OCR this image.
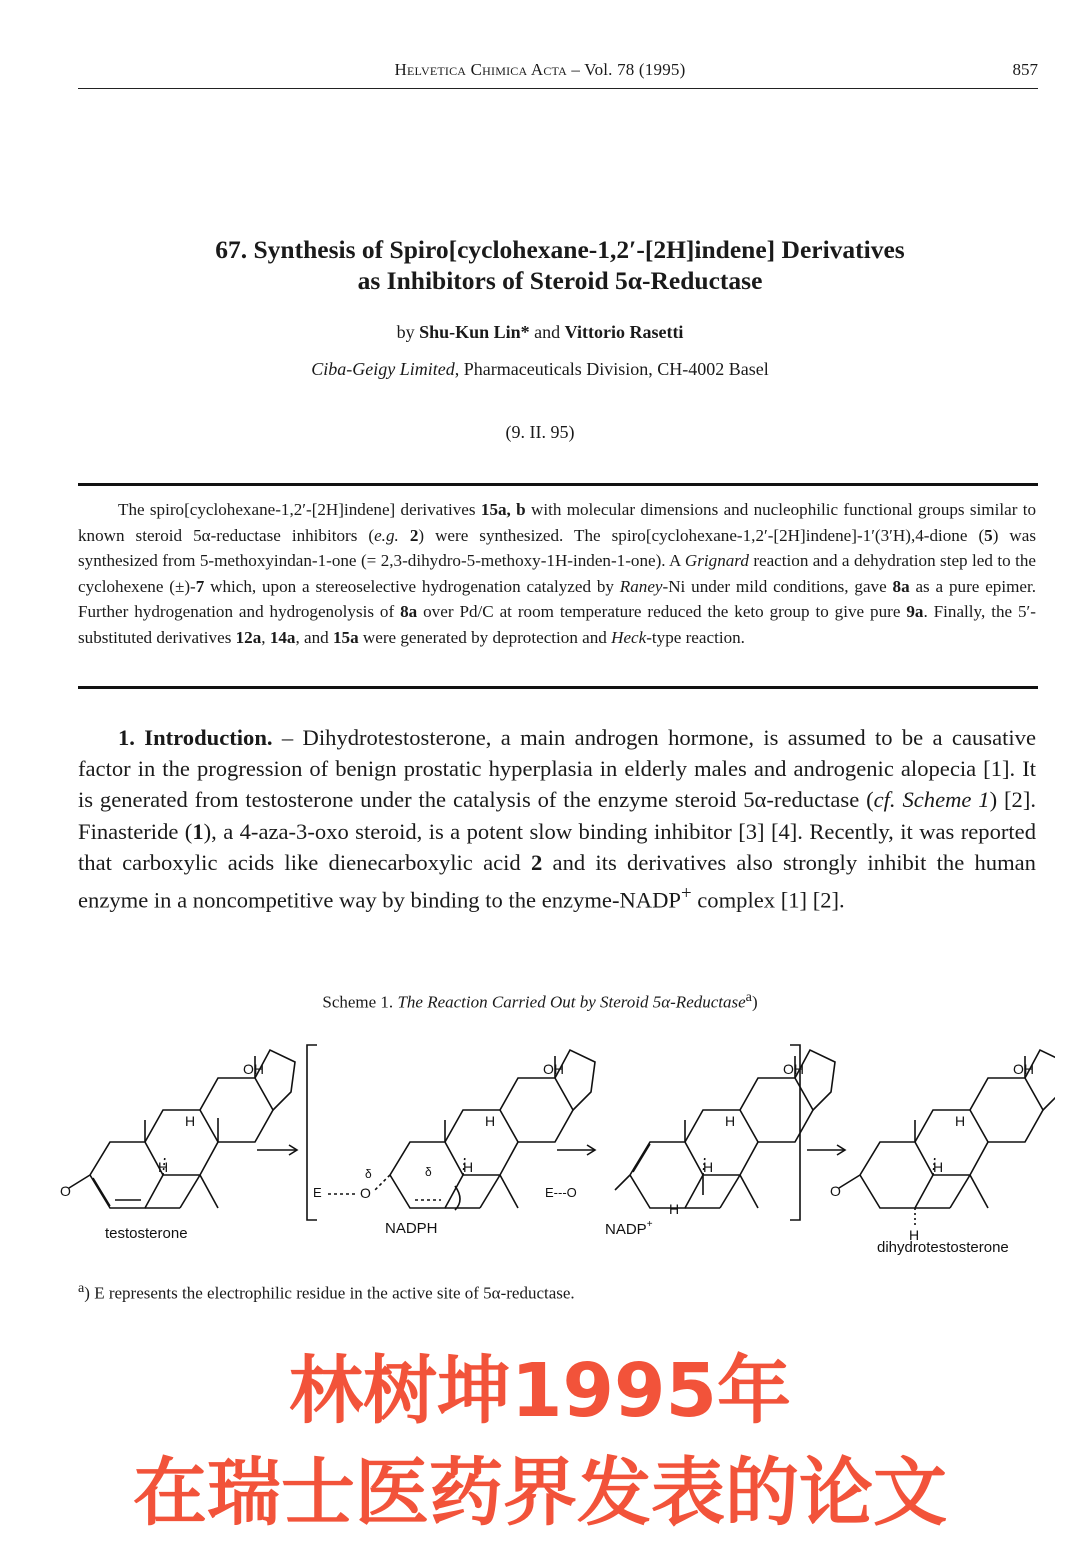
Helvetica Chimica Acta – Vol. 78 (1995)	857
67. Synthesis of Spiro[cyclohexane-1,2′-[2H]indene] Derivatives
as Inhibitors of Steroid 5α-Reductase
by Shu-Kun Lin* and Vittorio Rasetti
Ciba-Geigy Limited, Pharmaceuticals Division, CH-4002 Basel
(9. II. 95)
The spiro[cyclohexane-1,2′-[2H]indene] derivatives 15a, b with molecular dimensions and nucleophilic functional groups similar to known steroid 5α-reductase inhibitors (e.g. 2) were synthesized. The spiro[cyclohexane-1,2′-[2H]indene]-1′(3′H),4-dione (5) was synthesized from 5-methoxyindan-1-one (= 2,3-dihydro-5-methoxy-1H-inden-1-one). A Grignard reaction and a dehydration step led to the cyclohexene (±)-7 which, upon a stereoselective hydrogenation catalyzed by Raney-Ni under mild conditions, gave 8a as a pure epimer. Further hydrogenation and hydrogenolysis of 8a over Pd/C at room temperature reduced the keto group to give pure 9a. Finally, the 5′-substituted derivatives 12a, 14a, and 15a were generated by deprotection and Heck-type reaction.
1. Introduction. – Dihydrotestosterone, a main androgen hormone, is assumed to be a causative factor in the progression of benign prostatic hyperplasia in elderly males and androgenic alopecia [1]. It is generated from testosterone under the catalysis of the enzyme steroid 5α-reductase (cf. Scheme 1) [2]. Finasteride (1), a 4-aza-3-oxo steroid, is a potent slow binding inhibitor [3] [4]. Recently, it was reported that carboxylic acids like dienecarboxylic acid 2 and its derivatives also strongly inhibit the human enzyme in a noncompetitive way by binding to the enzyme-NADP+ complex [1] [2].
Scheme 1. The Reaction Carried Out by Steroid 5α-Reductase$^a$)
O
OH
H
H
testosterone
O
δ	δ
OH
H
H
NADPH
E
OH
H
H
H
NADP+
E---O	O
OH
H
H
H
dihydrotestosterone
$^a$) E represents the electrophilic residue in the active site of 5α-reductase.
林树坤1995年
在瑞士医药界发表的论文
